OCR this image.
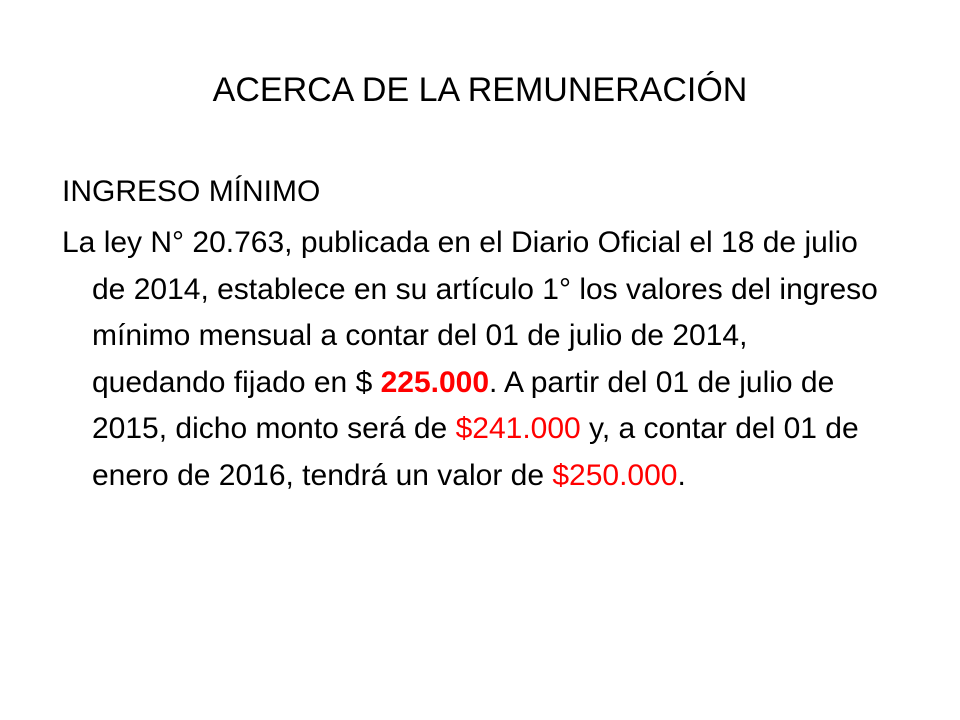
ACERCA DE LA REMUNERACIÓN

INGRESO MÍNIMO

La ley N° 20.763, publicada en el Diario Oficial el 18 de julio de 2014, establece en su artículo 1° los valores del ingreso mínimo mensual a contar del 01 de julio de 2014, quedando fijado en $ 225.000. A partir del 01 de julio de 2015, dicho monto será de $241.000 y, a contar del 01 de enero de 2016, tendrá un valor de $250.000.
